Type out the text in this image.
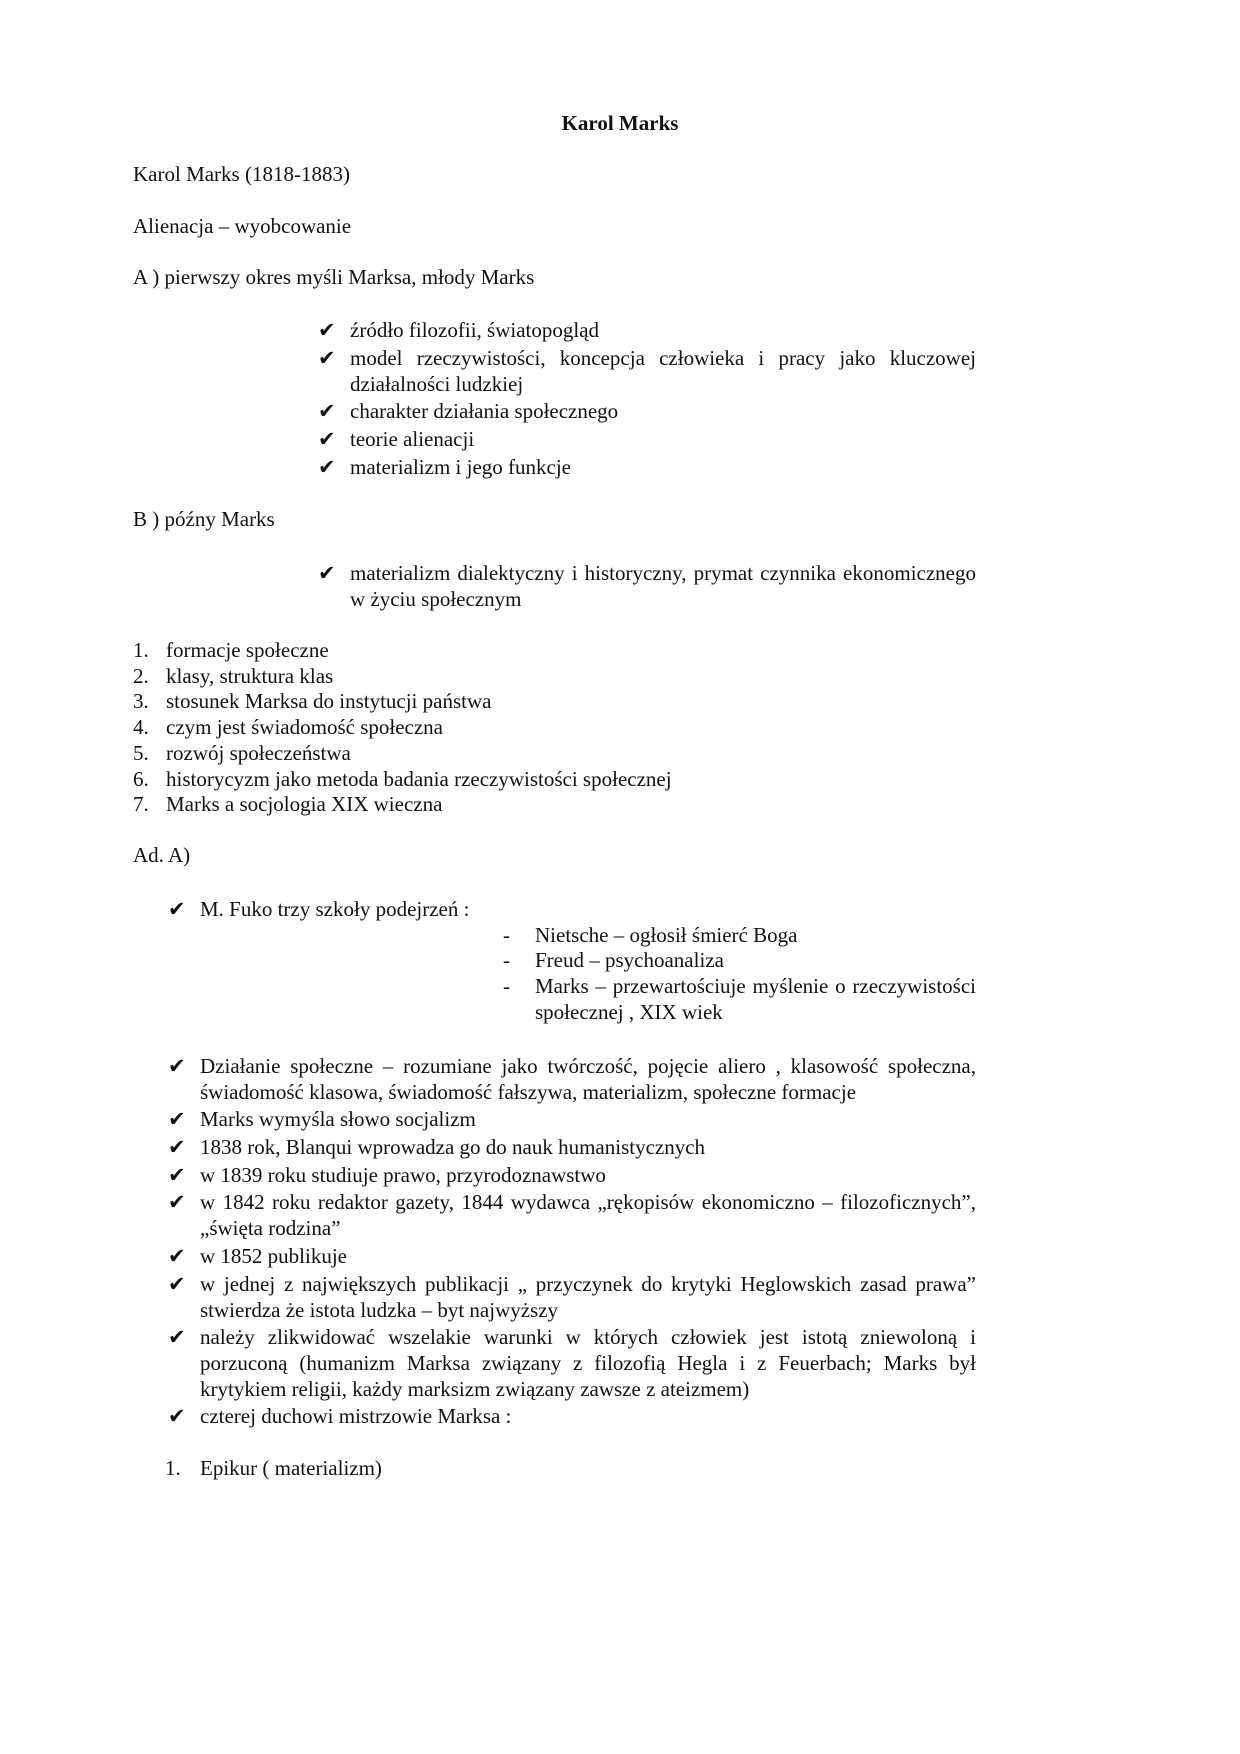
Karol Marks
Karol Marks (1818-1883)
Alienacja – wyobcowanie
A ) pierwszy okres myśli Marksa, młody Marks
B ) późny Marks
Ad. A)
✔ źródło filozofii, światopogląd
✔ model rzeczywistości, koncepcja człowieka i pracy jako kluczowej działalności ludzkiej
✔ charakter działania społecznego
✔ teorie alienacji
✔ materializm i jego funkcje
✔ materializm dialektyczny i historyczny, prymat czynnika ekonomicznego w życiu społecznym
1. formacje społeczne
2. klasy, struktura klas
3. stosunek Marksa do instytucji państwa
4. czym jest świadomość społeczna
5. rozwój społeczeństwa
6. historycyzm jako metoda badania rzeczywistości społecznej
7. Marks a socjologia XIX wieczna
✔ M. Fuko trzy szkoły podejrzeń :
- Nietsche – ogłosił śmierć Boga
- Freud – psychoanaliza
- Marks – przewartościuje myślenie o rzeczywistości społecznej , XIX wiek
✔ Działanie społeczne – rozumiane jako twórczość, pojęcie aliero , klasowość społeczna, świadomość klasowa, świadomość fałszywa, materializm, społeczne formacje
✔ Marks wymyśla słowo socjalizm
✔ 1838 rok, Blanqui wprowadza go do nauk humanistycznych
✔ w 1839 roku studiuje prawo, przyrodoznawstwo
✔ w 1842 roku redaktor gazety, 1844 wydawca „rękopisów ekonomiczno – filozoficznych”, „święta rodzina”
✔ w 1852 publikuje
✔ w jednej z największych publikacji „ przyczynek do krytyki Heglowskich zasad prawa” stwierdza że istota ludzka – byt najwyższy
✔ należy zlikwidować wszelakie warunki w których człowiek jest istotą zniewoloną i porzuconą (humanizm Marksa związany z filozofią Hegla i z Feuerbach; Marks był krytykiem religii, każdy marksizm związany zawsze z ateizmem)
✔ czterej duchowi mistrzowie Marksa :
1. Epikur ( materializm)
